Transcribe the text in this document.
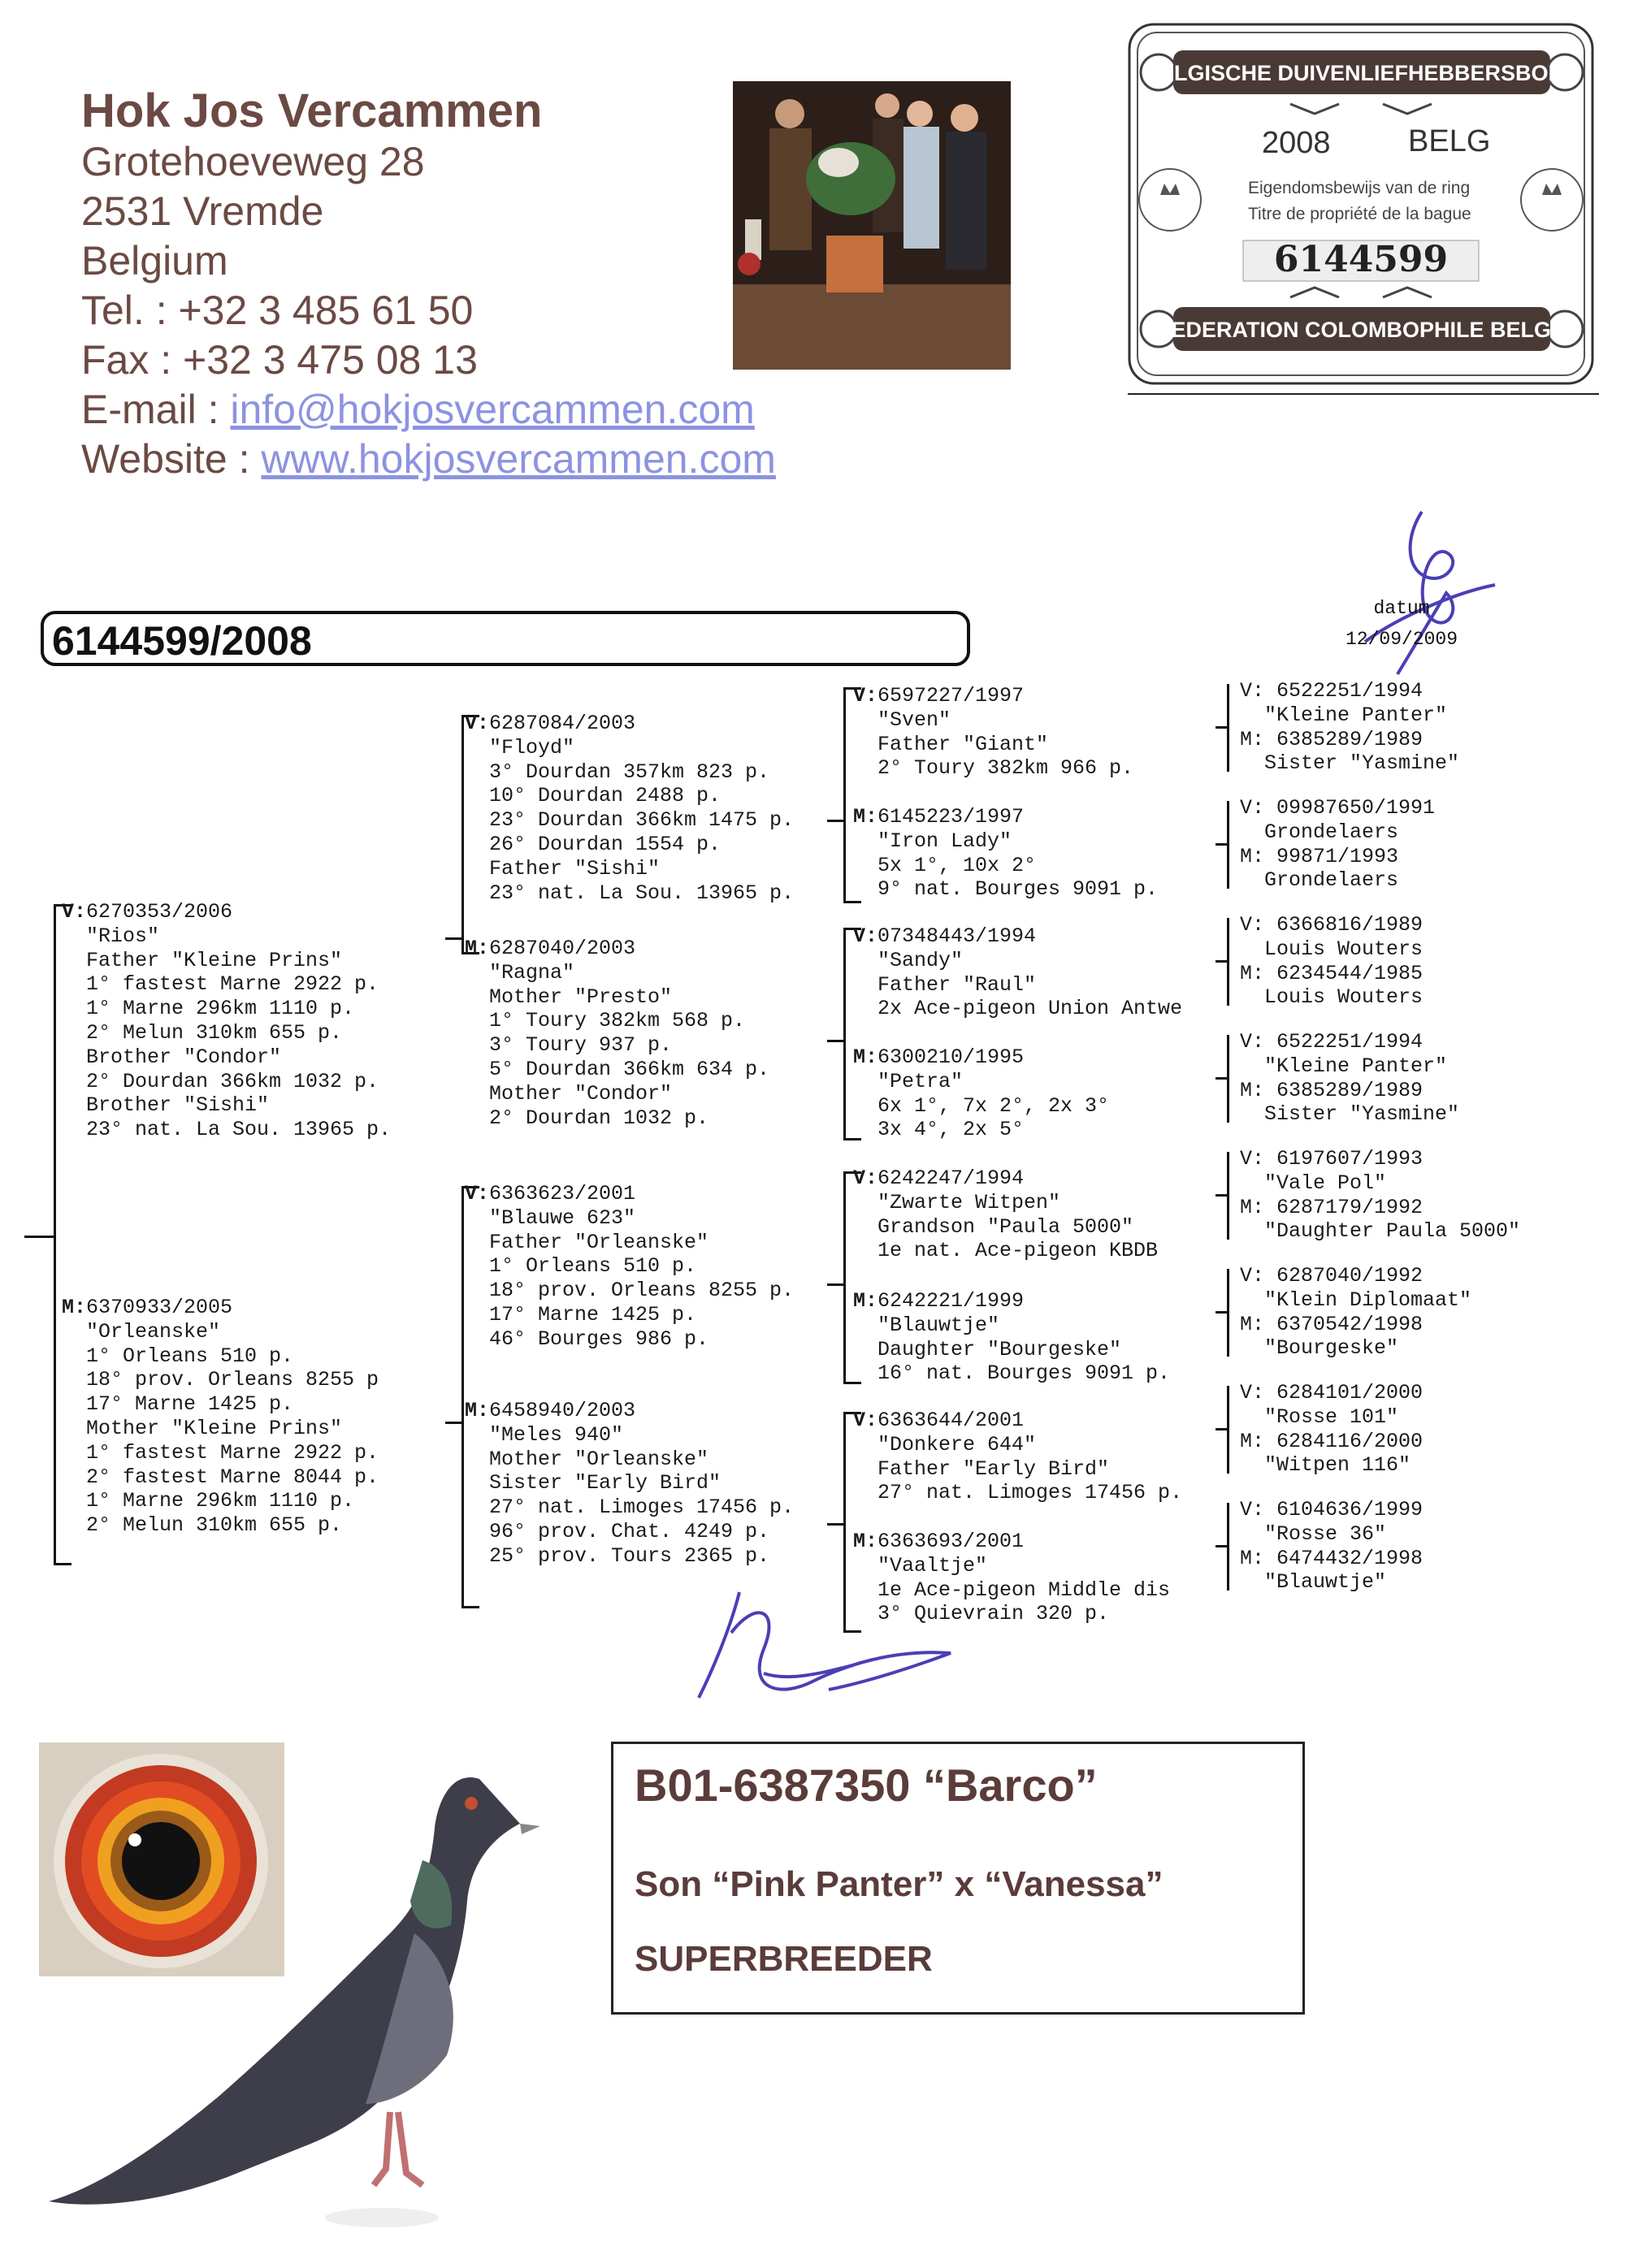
Hok Jos Vercammen
Grotehoeveweg 28
2531 Vremde
Belgium
Tel. : +32 3 485 61 50
Fax : +32 3 475 08 13
E-mail : info@hokjosvercammen.com
Website : www.hokjosvercammen.com
BELGISCHE DUIVENLIEFHEBBERSBOND
2008	BELG
Eigendomsbewijs van de ring
Titre de propriété de la bague
6144599
FEDERATION COLOMBOPHILE BELGE
6144599/2008
datum
12/09/2009
V:6270353/2006
"Rios"
Father "Kleine Prins"
1° fastest Marne 2922 p.
1° Marne 296km 1110 p.
2° Melun 310km 655 p.
Brother "Condor"
2° Dourdan 366km 1032 p.
Brother "Sishi"
23° nat. La Sou. 13965 p.
M:6370933/2005
"Orleanske"
1° Orleans 510 p.
18° prov. Orleans 8255 p
17° Marne 1425 p.
Mother "Kleine Prins"
1° fastest Marne 2922 p.
2° fastest Marne 8044 p.
1° Marne 296km 1110 p.
2° Melun 310km 655 p.
V:6287084/2003
"Floyd"
3° Dourdan 357km 823 p.
10° Dourdan 2488 p.
23° Dourdan 366km 1475 p.
26° Dourdan 1554 p.
Father "Sishi"
23° nat. La Sou. 13965 p.
M:6287040/2003
"Ragna"
Mother "Presto"
1° Toury 382km 568 p.
3° Toury 937 p.
5° Dourdan 366km 634 p.
Mother "Condor"
2° Dourdan 1032 p.
V:6363623/2001
"Blauwe 623"
Father "Orleanske"
1° Orleans 510 p.
18° prov. Orleans 8255 p.
17° Marne 1425 p.
46° Bourges 986 p.
M:6458940/2003
"Meles 940"
Mother "Orleanske"
Sister "Early Bird"
27° nat. Limoges 17456 p.
96° prov. Chat. 4249 p.
25° prov. Tours 2365 p.
V:6597227/1997
"Sven"
Father "Giant"
2° Toury 382km 966 p.
M:6145223/1997
"Iron Lady"
5x 1°, 10x 2°
9° nat. Bourges 9091 p.
V:07348443/1994
"Sandy"
Father "Raul"
2x Ace-pigeon Union Antwe
M:6300210/1995
"Petra"
6x 1°, 7x 2°, 2x 3°
3x 4°, 2x 5°
V:6242247/1994
"Zwarte Witpen"
Grandson "Paula 5000"
1e nat. Ace-pigeon KBDB
M:6242221/1999
"Blauwtje"
Daughter "Bourgeske"
16° nat. Bourges 9091 p.
V:6363644/2001
"Donkere 644"
Father "Early Bird"
27° nat. Limoges 17456 p.
M:6363693/2001
"Vaaltje"
1e Ace-pigeon Middle dis
3° Quievrain 320 p.
V: 6522251/1994
"Kleine Panter"
M: 6385289/1989
Sister "Yasmine"
V: 09987650/1991
Grondelaers
M: 99871/1993
Grondelaers
V: 6366816/1989
Louis Wouters
M: 6234544/1985
Louis Wouters
V: 6522251/1994
"Kleine Panter"
M: 6385289/1989
Sister "Yasmine"
V: 6197607/1993
"Vale Pol"
M: 6287179/1992
"Daughter Paula 5000"
V: 6287040/1992
"Klein Diplomaat"
M: 6370542/1998
"Bourgeske"
V: 6284101/2000
"Rosse 101"
M: 6284116/2000
"Witpen 116"
V: 6104636/1999
"Rosse 36"
M: 6474432/1998
"Blauwtje"
B01-6387350 “Barco”
Son “Pink Panter” x “Vanessa”
SUPERBREEDER
